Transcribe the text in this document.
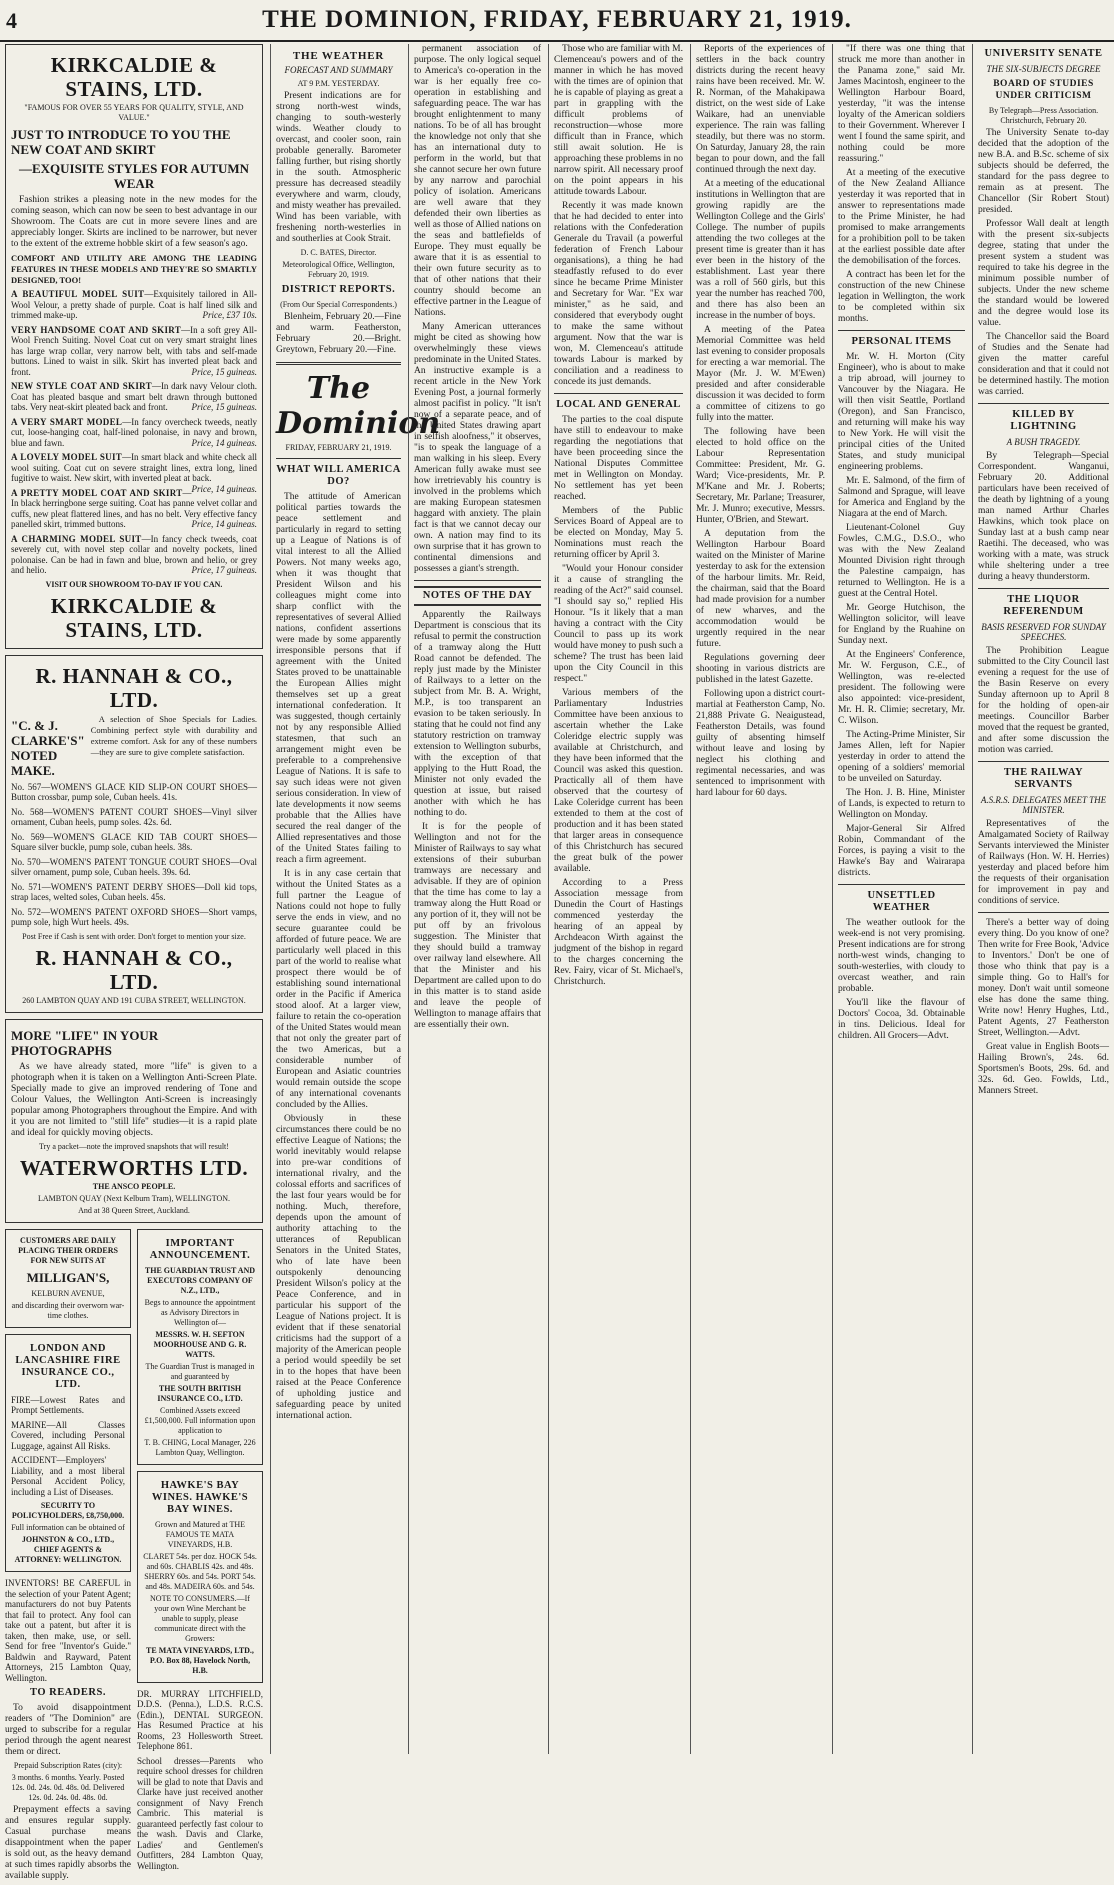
4	THE DOMINION, FRIDAY, FEBRUARY 21, 1919.
KIRKCALDIE & STAINS, LTD.

"FAMOUS FOR OVER 55 YEARS FOR QUALITY, STYLE, AND VALUE."

JUST TO INTRODUCE TO YOU THE NEW COAT AND SKIRT
—EXQUISITE STYLES FOR AUTUMN WEAR

Fashion strikes a pleasing note in the new modes for the coming season, which can now be seen to best advantage in our Showroom. The Coats are cut in more severe lines and are appreciably longer. Skirts are inclined to be narrower, but never to the extent of the extreme hobble skirt of a few season's ago.

COMFORT AND UTILITY ARE AMONG THE LEADING FEATURES IN THESE MODELS AND THEY'RE SO SMARTLY DESIGNED, TOO!

A BEAUTIFUL MODEL SUIT—Exquisitely tailored in All-Wool Velour, a pretty shade of purple. Coat is half lined silk and trimmed make-up.	Price, £37 10s.

VERY HANDSOME COAT AND SKIRT—In a soft grey All-Wool French Suiting. Novel Coat cut on very smart straight lines has large wrap collar, very narrow belt, with tabs and self-made buttons. Lined to waist in silk. Skirt has inverted pleat back and front.	Price, 15 guineas.

NEW STYLE COAT AND SKIRT—In dark navy Velour cloth. Coat has pleated basque and smart belt drawn through buttoned tabs. Very neat-skirt pleated back and front.	Price, 15 guineas.

A VERY SMART MODEL—In fancy overcheck tweeds, neatly cut, loose-hanging coat, half-lined polonaise, in navy and brown, blue and fawn.	Price, 14 guineas.

A LOVELY MODEL SUIT—In smart black and white check all wool suiting. Coat cut on severe straight lines, extra long, lined fugitive to waist. New skirt, with inverted pleat at back.
Price, 14 guineas.

A PRETTY MODEL COAT AND SKIRT—In black herringbone serge suiting. Coat has panne velvet collar and cuffs, new pleat flattered lines, and has no belt. Very effective fancy panelled skirt, trimmed buttons.	Price, 14 guineas.

A CHARMING MODEL SUIT—In fancy check tweeds, coat severely cut, with novel step collar and novelty pockets, lined polonaise. Can be had in fawn and blue, brown and helio, or grey and helio.	Price, 17 guineas.

VISIT OUR SHOWROOM TO-DAY IF YOU CAN.

KIRKCALDIE & STAINS, LTD.
R. HANNAH & CO., LTD.
"C. & J. CLARKE'S" NOTED MAKE.

A selection of Shoe Specials for Ladies. Combining perfect style with durability and extreme comfort. Ask for any of these numbers—they are sure to give complete satisfaction.

No. 567—WOMEN'S GLACE KID SLIP-ON COURT SHOES—Button crossbar, pump sole, Cuban heels. 41s.

No. 568—WOMEN'S PATENT COURT SHOES—Vinyl silver ornament, Cuban heels, pump soles. 42s. 6d.

No. 569—WOMEN'S GLACE KID TAB COURT SHOES—Square silver buckle, pump sole, cuban heels. 38s.

No. 570—WOMEN'S PATENT TONGUE COURT SHOES—Oval silver ornament, pump sole, Cuban heels. 39s. 6d.

No. 571—WOMEN'S PATENT DERBY SHOES—Doll kid tops, strap laces, welted soles, Cuban heels. 45s.

No. 572—WOMEN'S PATENT OXFORD SHOES—Short vamps, pump sole, high Wurt heels. 49s.

Post Free if Cash is sent with order. Don't forget to mention your size.

R. HANNAH & CO., LTD.

260 LAMBTON QUAY AND 191 CUBA STREET, WELLINGTON.

MORE "LIFE" IN YOUR PHOTOGRAPHS

As we have already stated, more "life" is given to a photograph when it is taken on a Wellington Anti-Screen Plate. Specially made to give an improved rendering of Tone and Colour Values, the Wellington Anti-Screen is increasingly popular among Photographers throughout the Empire. And with it you are not limited to "still life" studies—it is a rapid plate and ideal for quickly moving objects.

Try a packet—note the improved snapshots that will result!

WATERWORTHS LTD.

THE ANSCO PEOPLE.

LAMBTON QUAY (Next Kelburn Tram), WELLINGTON.

And at 38 Queen Street, Auckland.

CUSTOMERS ARE DAILY PLACING THEIR ORDERS FOR NEW SUITS AT

MILLIGAN'S,

KELBURN AVENUE,

and discarding their overworn war-time clothes.

LONDON AND LANCASHIRE FIRE INSURANCE CO., LTD.

FIRE—Lowest Rates and Prompt Settlements.

MARINE—All Classes Covered, including Personal Luggage, against All Risks.

ACCIDENT—Employers' Liability, and a most liberal Personal Accident Policy, including a List of Diseases.

SECURITY TO POLICYHOLDERS, £8,750,000.

Full information can be obtained of

JOHNSTON & CO., LTD., CHIEF AGENTS & ATTORNEY: WELLINGTON.

INVENTORS! BE CAREFUL in the selection of your Patent Agent; manufacturers do not buy Patents that fail to protect. Any fool can take out a patent, but after it is taken, then make, use, or sell. Send for free "Inventor's Guide." Baldwin and Rayward, Patent Attorneys, 215 Lambton Quay, Wellington.

TO READERS.

To avoid disappointment readers of "The Dominion" are urged to subscribe for a regular period through the agent nearest them or direct.

Prepaid Subscription Rates (city):

3 months. 6 months. Yearly. Posted 12s. 0d. 24s. 0d. 48s. 0d. Delivered 12s. 0d. 24s. 0d. 48s. 0d.

Prepayment effects a saving and ensures regular supply. Casual purchase means disappointment when the paper is sold out, as the heavy demand at such times rapidly absorbs the available supply.

IMPORTANT ANNOUNCEMENT.

THE GUARDIAN TRUST AND EXECUTORS COMPANY OF N.Z., LTD.,

Begs to announce the appointment as Advisory Directors in Wellington of—

MESSRS. W. H. SEFTON MOORHOUSE AND G. R. WATTS.

The Guardian Trust is managed in and guaranteed by

THE SOUTH BRITISH INSURANCE CO., LTD.

Combined Assets exceed £1,500,000. Full information upon application to

T. B. CHING, Local Manager, 226 Lambton Quay, Wellington.

HAWKE'S BAY WINES. HAWKE'S BAY WINES.

Grown and Matured at THE FAMOUS TE MATA VINEYARDS, H.B.

CLARET 54s. per doz. HOCK 54s. and 60s. CHABLIS 42s. and 48s. SHERRY 60s. and 54s. PORT 54s. and 48s. MADEIRA 60s. and 54s.

NOTE TO CONSUMERS.—If your own Wine Merchant be unable to supply, please communicate direct with the Growers:

TE MATA VINEYARDS, LTD., P.O. Box 88, Havelock North, H.B.

DR. MURRAY LITCHFIELD, D.D.S. (Penna.), L.D.S. R.C.S. (Edin.), DENTAL SURGEON. Has Resumed Practice at his Rooms, 23 Hollesworth Street. Telephone 861.

School dresses—Parents who require school dresses for children will be glad to note that Davis and Clarke have just received another consignment of Navy French Cambric. This material is guaranteed perfectly fast colour to the wash. Davis and Clarke, Ladies' and Gentlemen's Outfitters, 284 Lambton Quay, Wellington.

THE WEATHER
FORECAST AND SUMMARY

AT 9 P.M. YESTERDAY.

Present indications are for strong north-west winds, changing to south-westerly winds. Weather cloudy to overcast, and cooler soon, rain probable generally. Barometer falling further, but rising shortly in the south. Atmospheric pressure has decreased steadily everywhere and warm, cloudy, and misty weather has prevailed. Wind has been variable, with freshening north-westerlies in and southerlies at Cook Strait.

D. C. BATES, Director.

Meteorological Office, Wellington, February 20, 1919.

DISTRICT REPORTS.

(From Our Special Correspondents.)

Blenheim, February 20.—Fine and warm. Featherston, February 20.—Bright. Greytown, February 20.—Fine.

The Dominion

FRIDAY, FEBRUARY 21, 1919.

WHAT WILL AMERICA DO?

The attitude of American political parties towards the peace settlement and particularly in regard to setting up a League of Nations is of vital interest to all the Allied Powers. Not many weeks ago, when it was thought that President Wilson and his colleagues might come into sharp conflict with the representatives of several Allied nations, confident assertions were made by some apparently irresponsible persons that if agreement with the United States proved to be unattainable the European Allies might themselves set up a great international confederation. It was suggested, though certainly not by any responsible Allied statesmen, that such an arrangement might even be preferable to a comprehensive League of Nations. It is safe to say such ideas were not given serious consideration. In view of late developments it now seems probable that the Allies have secured the real danger of the Allied representatives and those of the United States failing to reach a firm agreement.

It is in any case certain that without the United States as a full partner the League of Nations could not hope to fully serve the ends in view, and no secure guarantee could be afforded of future peace. We are particularly well placed in this part of the world to realise what prospect there would be of establishing sound international order in the Pacific if America stood aloof. At a larger view, failure to retain the co-operation of the United States would mean that not only the greater part of the two Americas, but a considerable number of European and Asiatic countries would remain outside the scope of any international covenants concluded by the Allies.

Obviously in these circumstances there could be no effective League of Nations; the world inevitably would relapse into pre-war conditions of international rivalry, and the colossal efforts and sacrifices of the last four years would be for nothing. Much, therefore, depends upon the amount of authority attaching to the utterances of Republican Senators in the United States, who of late have been outspokenly denouncing President Wilson's policy at the Peace Conference, and in particular his support of the League of Nations project. It is evident that if these senatorial criticisms had the support of a majority of the American people a period would speedily be set in to the hopes that have been raised at the Peace Conference of upholding justice and safeguarding peace by united international action.

permanent association of purpose. The only logical sequel to America's co-operation in the war is her equally free co-operation in establishing and safeguarding peace. The war has brought enlightenment to many nations. To be of all has brought the knowledge not only that she has an international duty to perform in the world, but that she cannot secure her own future by any narrow and parochial policy of isolation. Americans are well aware that they defended their own liberties as well as those of Allied nations on the seas and battlefields of Europe. They must equally be aware that it is as essential to their own future security as to that of other nations that their country should become an effective partner in the League of Nations.

Many American utterances might be cited as showing how overwhelmingly these views predominate in the United States. An instructive example is a recent article in the New York Evening Post, a journal formerly almost pacifist in policy. "It isn't now of a separate peace, and of the United States drawing apart in selfish aloofness," it observes, "is to speak the language of a man walking in his sleep. Every American fully awake must see how irretrievably his country is involved in the problems which are making European statesmen haggard with anxiety. The plain fact is that we cannot decay our own. A nation may find to its own surprise that it has grown to continental dimensions and possesses a giant's strength.

NOTES OF THE DAY

Apparently the Railways Department is conscious that its refusal to permit the construction of a tramway along the Hutt Road cannot be defended. The reply just made by the Minister of Railways to a letter on the subject from Mr. B. A. Wright, M.P., is too transparent an evasion to be taken seriously. In stating that he could not find any statutory restriction on tramway extension to Wellington suburbs, with the exception of that applying to the Hutt Road, the Minister not only evaded the question at issue, but raised another with which he has nothing to do.

It is for the people of Wellington and not for the Minister of Railways to say what extensions of their suburban tramways are necessary and advisable. If they are of opinion that the time has come to lay a tramway along the Hutt Road or any portion of it, they will not be put off by an frivolous suggestion. The Minister that they should build a tramway over railway land elsewhere. All that the Minister and his Department are called upon to do in this matter is to stand aside and leave the people of Wellington to manage affairs that are essentially their own.

Those who are familiar with M. Clemenceau's powers and of the manner in which he has moved with the times are of opinion that he is capable of playing as great a part in grappling with the difficult problems of reconstruction—whose more difficult than in France, which still await solution. He is approaching these problems in no narrow spirit. All necessary proof on the point appears in his attitude towards Labour.

Recently it was made known that he had decided to enter into relations with the Confederation Generale du Travail (a powerful federation of French Labour organisations), a thing he had steadfastly refused to do ever since he became Prime Minister and Secretary for War. "Ex war minister," as he said, and considered that everybody ought to make the same without argument. Now that the war is won, M. Clemenceau's attitude towards Labour is marked by conciliation and a readiness to concede its just demands.

LOCAL AND GENERAL

The parties to the coal dispute have still to endeavour to make regarding the negotiations that have been proceeding since the National Disputes Committee met in Wellington on Monday. No settlement has yet been reached.

Members of the Public Services Board of Appeal are to be elected on Monday, May 5. Nominations must reach the returning officer by April 3.

"Would your Honour consider it a cause of strangling the reading of the Act?" said counsel. "I should say so," replied His Honour. "Is it likely that a man having a contract with the City Council to pass up its work would have money to push such a scheme? The trust has been laid upon the City Council in this respect."

Various members of the Parliamentary Industries Committee have been anxious to ascertain whether the Lake Coleridge electric supply was available at Christchurch, and they have been informed that the Council was asked this question. Practically all of them have observed that the courtesy of Lake Coleridge current has been extended to them at the cost of production and it has been stated that larger areas in consequence of this Christchurch has secured the great bulk of the power available.

According to a Press Association message from Dunedin the Court of Hastings commenced yesterday the hearing of an appeal by Archdeacon Wirth against the judgment of the bishop in regard to the charges concerning the Rev. Fairy, vicar of St. Michael's, Christchurch.

Reports of the experiences of settlers in the back country districts during the recent heavy rains have been received. Mr. W. R. Norman, of the Mahakipawa district, on the west side of Lake Waikare, had an unenviable experience. The rain was falling steadily, but there was no storm. On Saturday, January 28, the rain began to pour down, and the fall continued through the next day.

At a meeting of the educational institutions in Wellington that are growing rapidly are the Wellington College and the Girls' College. The number of pupils attending the two colleges at the present time is greater than it has ever been in the history of the establishment. Last year there was a roll of 560 girls, but this year the number has reached 700, and there has also been an increase in the number of boys.

A meeting of the Patea Memorial Committee was held last evening to consider proposals for erecting a war memorial. The Mayor (Mr. J. W. M'Ewen) presided and after considerable discussion it was decided to form a committee of citizens to go fully into the matter.

The following have been elected to hold office on the Labour Representation Committee: President, Mr. G. Ward; Vice-presidents, Mr. P. M'Kane and Mr. J. Roberts; Secretary, Mr. Parlane; Treasurer, Mr. J. Munro; executive, Messrs. Hunter, O'Brien, and Stewart.

A deputation from the Wellington Harbour Board waited on the Minister of Marine yesterday to ask for the extension of the harbour limits. Mr. Reid, the chairman, said that the Board had made provision for a number of new wharves, and the accommodation would be urgently required in the near future.

Regulations governing deer shooting in various districts are published in the latest Gazette.

Following upon a district court-martial at Featherston Camp, No. 21,888 Private G. Neaigustead, Featherston Details, was found guilty of absenting himself without leave and losing by neglect his clothing and regimental necessaries, and was sentenced to imprisonment with hard labour for 60 days.

"If there was one thing that struck me more than another in the Panama zone," said Mr. James Macintosh, engineer to the Wellington Harbour Board, yesterday, "it was the intense loyalty of the American soldiers to their Government. Wherever I went I found the same spirit, and nothing could be more reassuring."

At a meeting of the executive of the New Zealand Alliance yesterday it was reported that in answer to representations made to the Prime Minister, he had promised to make arrangements for a prohibition poll to be taken at the earliest possible date after the demobilisation of the forces.

A contract has been let for the construction of the new Chinese legation in Wellington, the work to be completed within six months.

PERSONAL ITEMS

Mr. W. H. Morton (City Engineer), who is about to make a trip abroad, will journey to Vancouver by the Niagara. He will then visit Seattle, Portland (Oregon), and San Francisco, and returning will make his way to New York. He will visit the principal cities of the United States, and study municipal engineering problems.

Mr. E. Salmond, of the firm of Salmond and Sprague, will leave for America and England by the Niagara at the end of March.

Lieutenant-Colonel Guy Fowles, C.M.G., D.S.O., who was with the New Zealand Mounted Division right through the Palestine campaign, has returned to Wellington. He is a guest at the Central Hotel.

Mr. George Hutchison, the Wellington solicitor, will leave for England by the Ruahine on Sunday next.

At the Engineers' Conference, Mr. W. Ferguson, C.E., of Wellington, was re-elected president. The following were also appointed: vice-president, Mr. H. R. Climie; secretary, Mr. C. Wilson.

The Acting-Prime Minister, Sir James Allen, left for Napier yesterday in order to attend the opening of a soldiers' memorial to be unveiled on Saturday.

The Hon. J. B. Hine, Minister of Lands, is expected to return to Wellington on Monday.

Major-General Sir Alfred Robin, Commandant of the Forces, is paying a visit to the Hawke's Bay and Wairarapa districts.

UNSETTLED WEATHER

The weather outlook for the week-end is not very promising. Present indications are for strong north-west winds, changing to south-westerlies, with cloudy to overcast weather, and rain probable.

You'll like the flavour of Doctors' Cocoa, 3d. Obtainable in tins. Delicious. Ideal for children. All Grocers—Advt.

UNIVERSITY SENATE
THE SIX-SUBJECTS DEGREE
BOARD OF STUDIES UNDER CRITICISM

By Telegraph—Press Association. Christchurch, February 20.

The University Senate to-day decided that the adoption of the new B.A. and B.Sc. scheme of six subjects should be deferred, the standard for the pass degree to remain as at present. The Chancellor (Sir Robert Stout) presided.

Professor Wall dealt at length with the present six-subjects degree, stating that under the present system a student was required to take his degree in the minimum possible number of subjects. Under the new scheme the standard would be lowered and the degree would lose its value.

The Chancellor said the Board of Studies and the Senate had given the matter careful consideration and that it could not be determined hastily. The motion was carried.

KILLED BY LIGHTNING
A BUSH TRAGEDY.

By Telegraph—Special Correspondent. Wanganui, February 20. Additional particulars have been received of the death by lightning of a young man named Arthur Charles Hawkins, which took place on Sunday last at a bush camp near Raetihi. The deceased, who was working with a mate, was struck while sheltering under a tree during a heavy thunderstorm.

THE LIQUOR REFERENDUM
BASIS RESERVED FOR SUNDAY SPEECHES.

The Prohibition League submitted to the City Council last evening a request for the use of the Basin Reserve on every Sunday afternoon up to April 8 for the holding of open-air meetings. Councillor Barber moved that the request be granted, and after some discussion the motion was carried.

THE RAILWAY SERVANTS
A.S.R.S. DELEGATES MEET THE MINISTER.

Representatives of the Amalgamated Society of Railway Servants interviewed the Minister of Railways (Hon. W. H. Herries) yesterday and placed before him the requests of their organisation for improvement in pay and conditions of service.

There's a better way of doing every thing. Do you know of one? Then write for Free Book, 'Advice to Inventors.' Don't be one of those who think that pay is a simple thing. Go to Hall's for money. Don't wait until someone else has done the same thing. Write now! Henry Hughes, Ltd., Patent Agents, 27 Featherston Street, Wellington.—Advt.

Great value in English Boots—Hailing Brown's, 24s. 6d. Sportsmen's Boots, 29s. 6d. and 32s. 6d. Geo. Fowlds, Ltd., Manners Street.
